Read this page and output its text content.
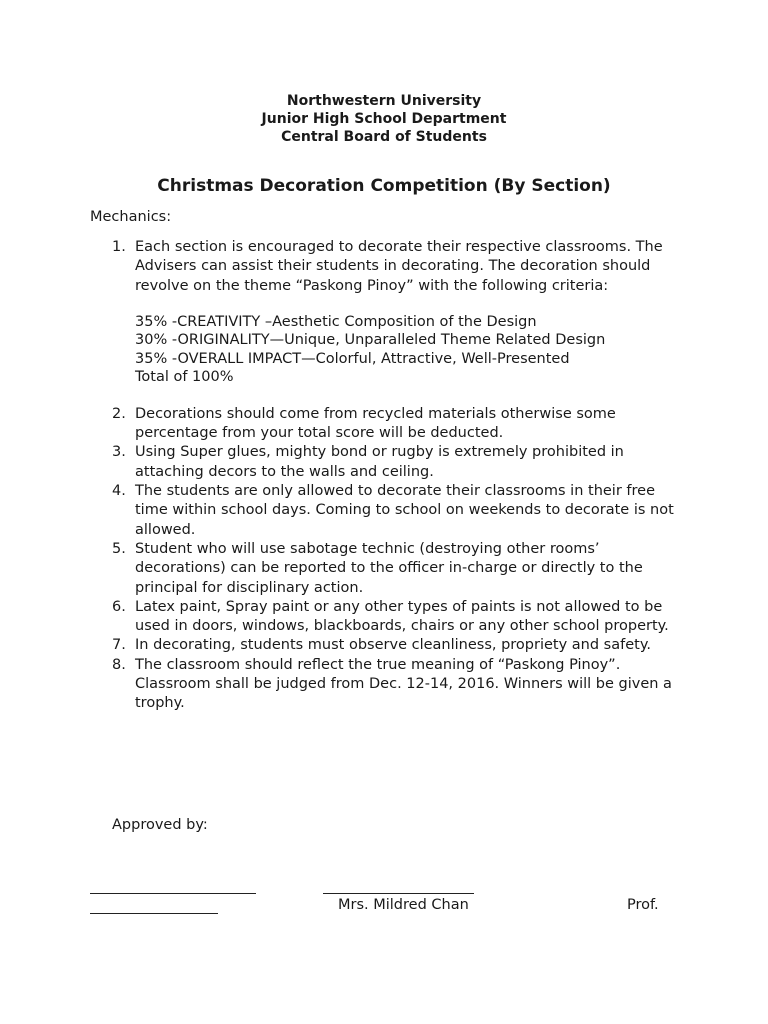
Northwestern University
Junior High School Department
Central Board of Students
Christmas Decoration Competition (By Section)
Mechanics:
1. Each section is encouraged to decorate their respective classrooms. The Advisers can assist their students in decorating. The decoration should revolve on the theme “Paskong Pinoy” with the following criteria:
35% -CREATIVITY –Aesthetic Composition of the Design
30% -ORIGINALITY—Unique, Unparalleled Theme Related Design
35% -OVERALL IMPACT—Colorful, Attractive, Well-Presented
Total of 100%
2. Decorations should come from recycled materials otherwise some percentage from your total score will be deducted.
3. Using Super glues, mighty bond or rugby is extremely prohibited in attaching decors to the walls and ceiling.
4. The students are only allowed to decorate their classrooms in their free time within school days. Coming to school on weekends to decorate is not allowed.
5. Student who will use sabotage technic (destroying other rooms’ decorations) can be reported to the officer in-charge or directly to the principal for disciplinary action.
6. Latex paint, Spray paint or any other types of paints is not allowed to be used in doors, windows, blackboards, chairs or any other school property.
7. In decorating, students must observe cleanliness, propriety and safety.
8. The classroom should reflect the true meaning of “Paskong Pinoy”. Classroom shall be judged from Dec. 12-14, 2016. Winners will be given a trophy.
Approved by:
Mrs. Mildred Chan	Prof.
